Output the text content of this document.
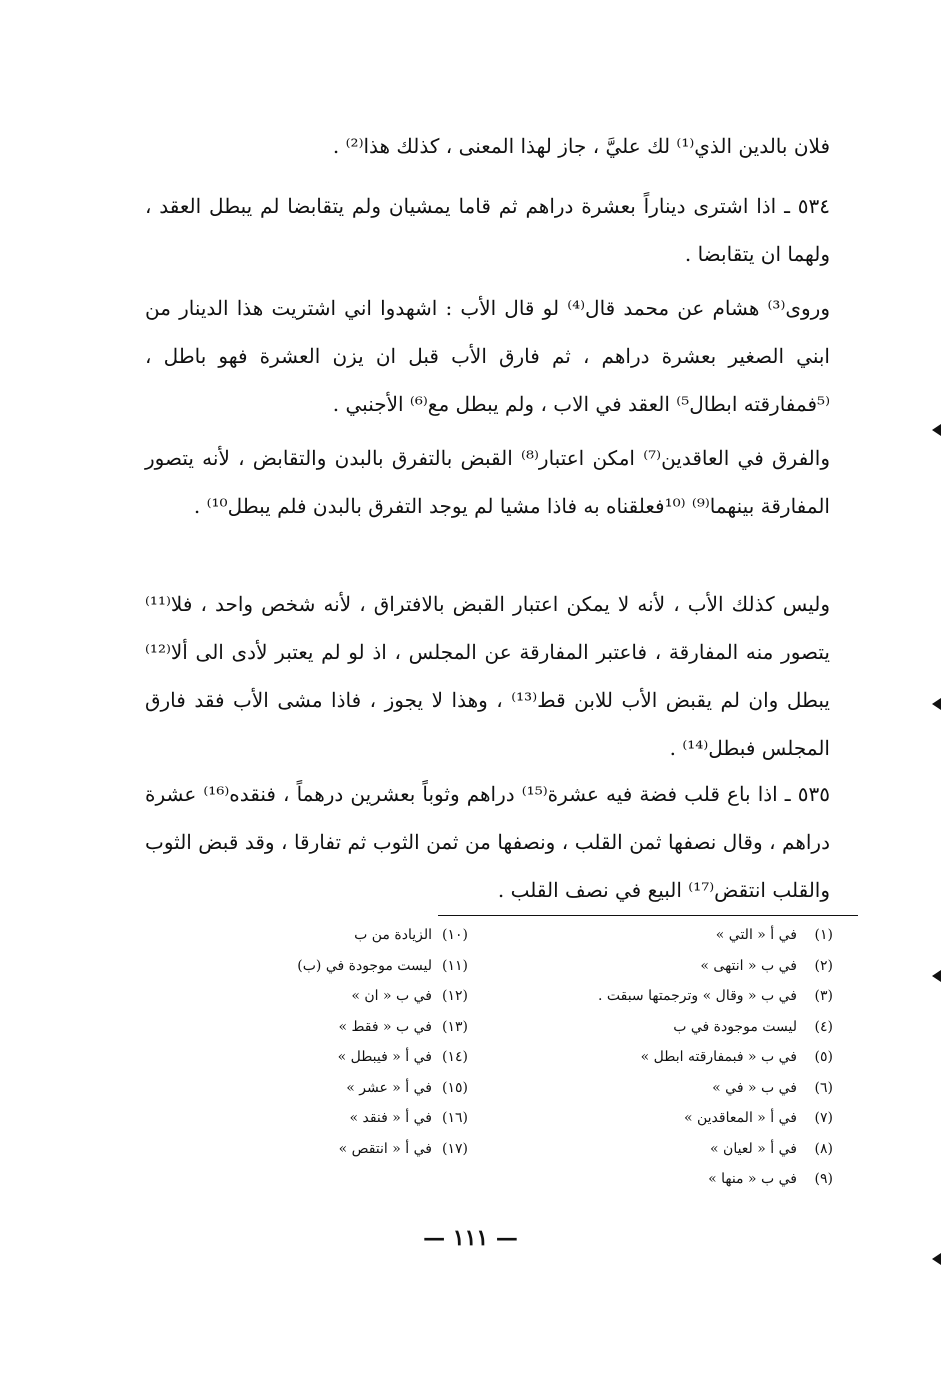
فلان بالدين الذي⁽¹⁾ لك عليَّ ، جاز لهذا المعنى ، كذلك هذا⁽²⁾ .

٥٣٤ ـ اذا اشترى ديناراً بعشرة دراهم ثم قاما يمشيان ولم يتقابضا لم يبطل العقد ، ولهما ان يتقابضا .

وروى⁽³⁾ هشام عن محمد قال⁽⁴⁾ لو قال الأب : اشهدوا اني اشتريت هذا الدينار من ابني الصغير بعشرة دراهم ، ثم فارق الأب قبل ان يزن العشرة فهو باطل ، ⁽⁵فمفارقته ابطال⁵⁾ العقد في الاب ، ولم يبطل مع⁽⁶⁾ الأجنبي .

والفرق في العاقدين⁽⁷⁾ امكن اعتبار⁽⁸⁾ القبض بالتفرق بالبدن والتقابض ، لأنه يتصور المفارقة بينهما⁽⁹⁾ ⁽¹⁰فعلقناه به فاذا مشيا لم يوجد التفرق بالبدن فلم يبطل¹⁰⁾ .

وليس كذلك الأب ، لأنه لا يمكن اعتبار القبض بالافتراق ، لأنه شخص واحد ، فلا⁽¹¹⁾ يتصور منه المفارقة ، فاعتبر المفارقة عن المجلس ، اذ لو لم يعتبر لأدى الى ألا⁽¹²⁾ يبطل وان لم يقبض الأب للابن قط⁽¹³⁾ ، وهذا لا يجوز ، فاذا مشى الأب فقد فارق المجلس فبطل⁽¹⁴⁾ .

٥٣٥ ـ اذا باع قلب فضة فيه عشرة⁽¹⁵⁾ دراهم وثوباً بعشرين درهماً ، فنقده⁽¹⁶⁾ عشرة دراهم ، وقال نصفها ثمن القلب ، ونصفها من ثمن الثوب ثم تفارقا ، وقد قبض الثوب والقلب انتقض⁽¹⁷⁾ البيع في نصف القلب .

(١)في أ « التي »
(٢)في ب « انتهى »
(٣)في ب « وقال » وترجمتها سبقت .
(٤)ليست موجودة في ب
(٥)في ب « فبمفارقته ابطل »
(٦)في ب « في »
(٧)في أ « المعاقدين »
(٨)في أ « لعيان »
(٩)في ب « منها »
(١٠)الزيادة من ب
(١١)ليست موجودة في (ب)
(١٢)في ب « ان »
(١٣)في ب « فقط »
(١٤)في أ « فيبطل »
(١٥)في أ « عشر »
(١٦)في أ « فنقد »
(١٧)في أ « انتقص »
— ١١١ —
